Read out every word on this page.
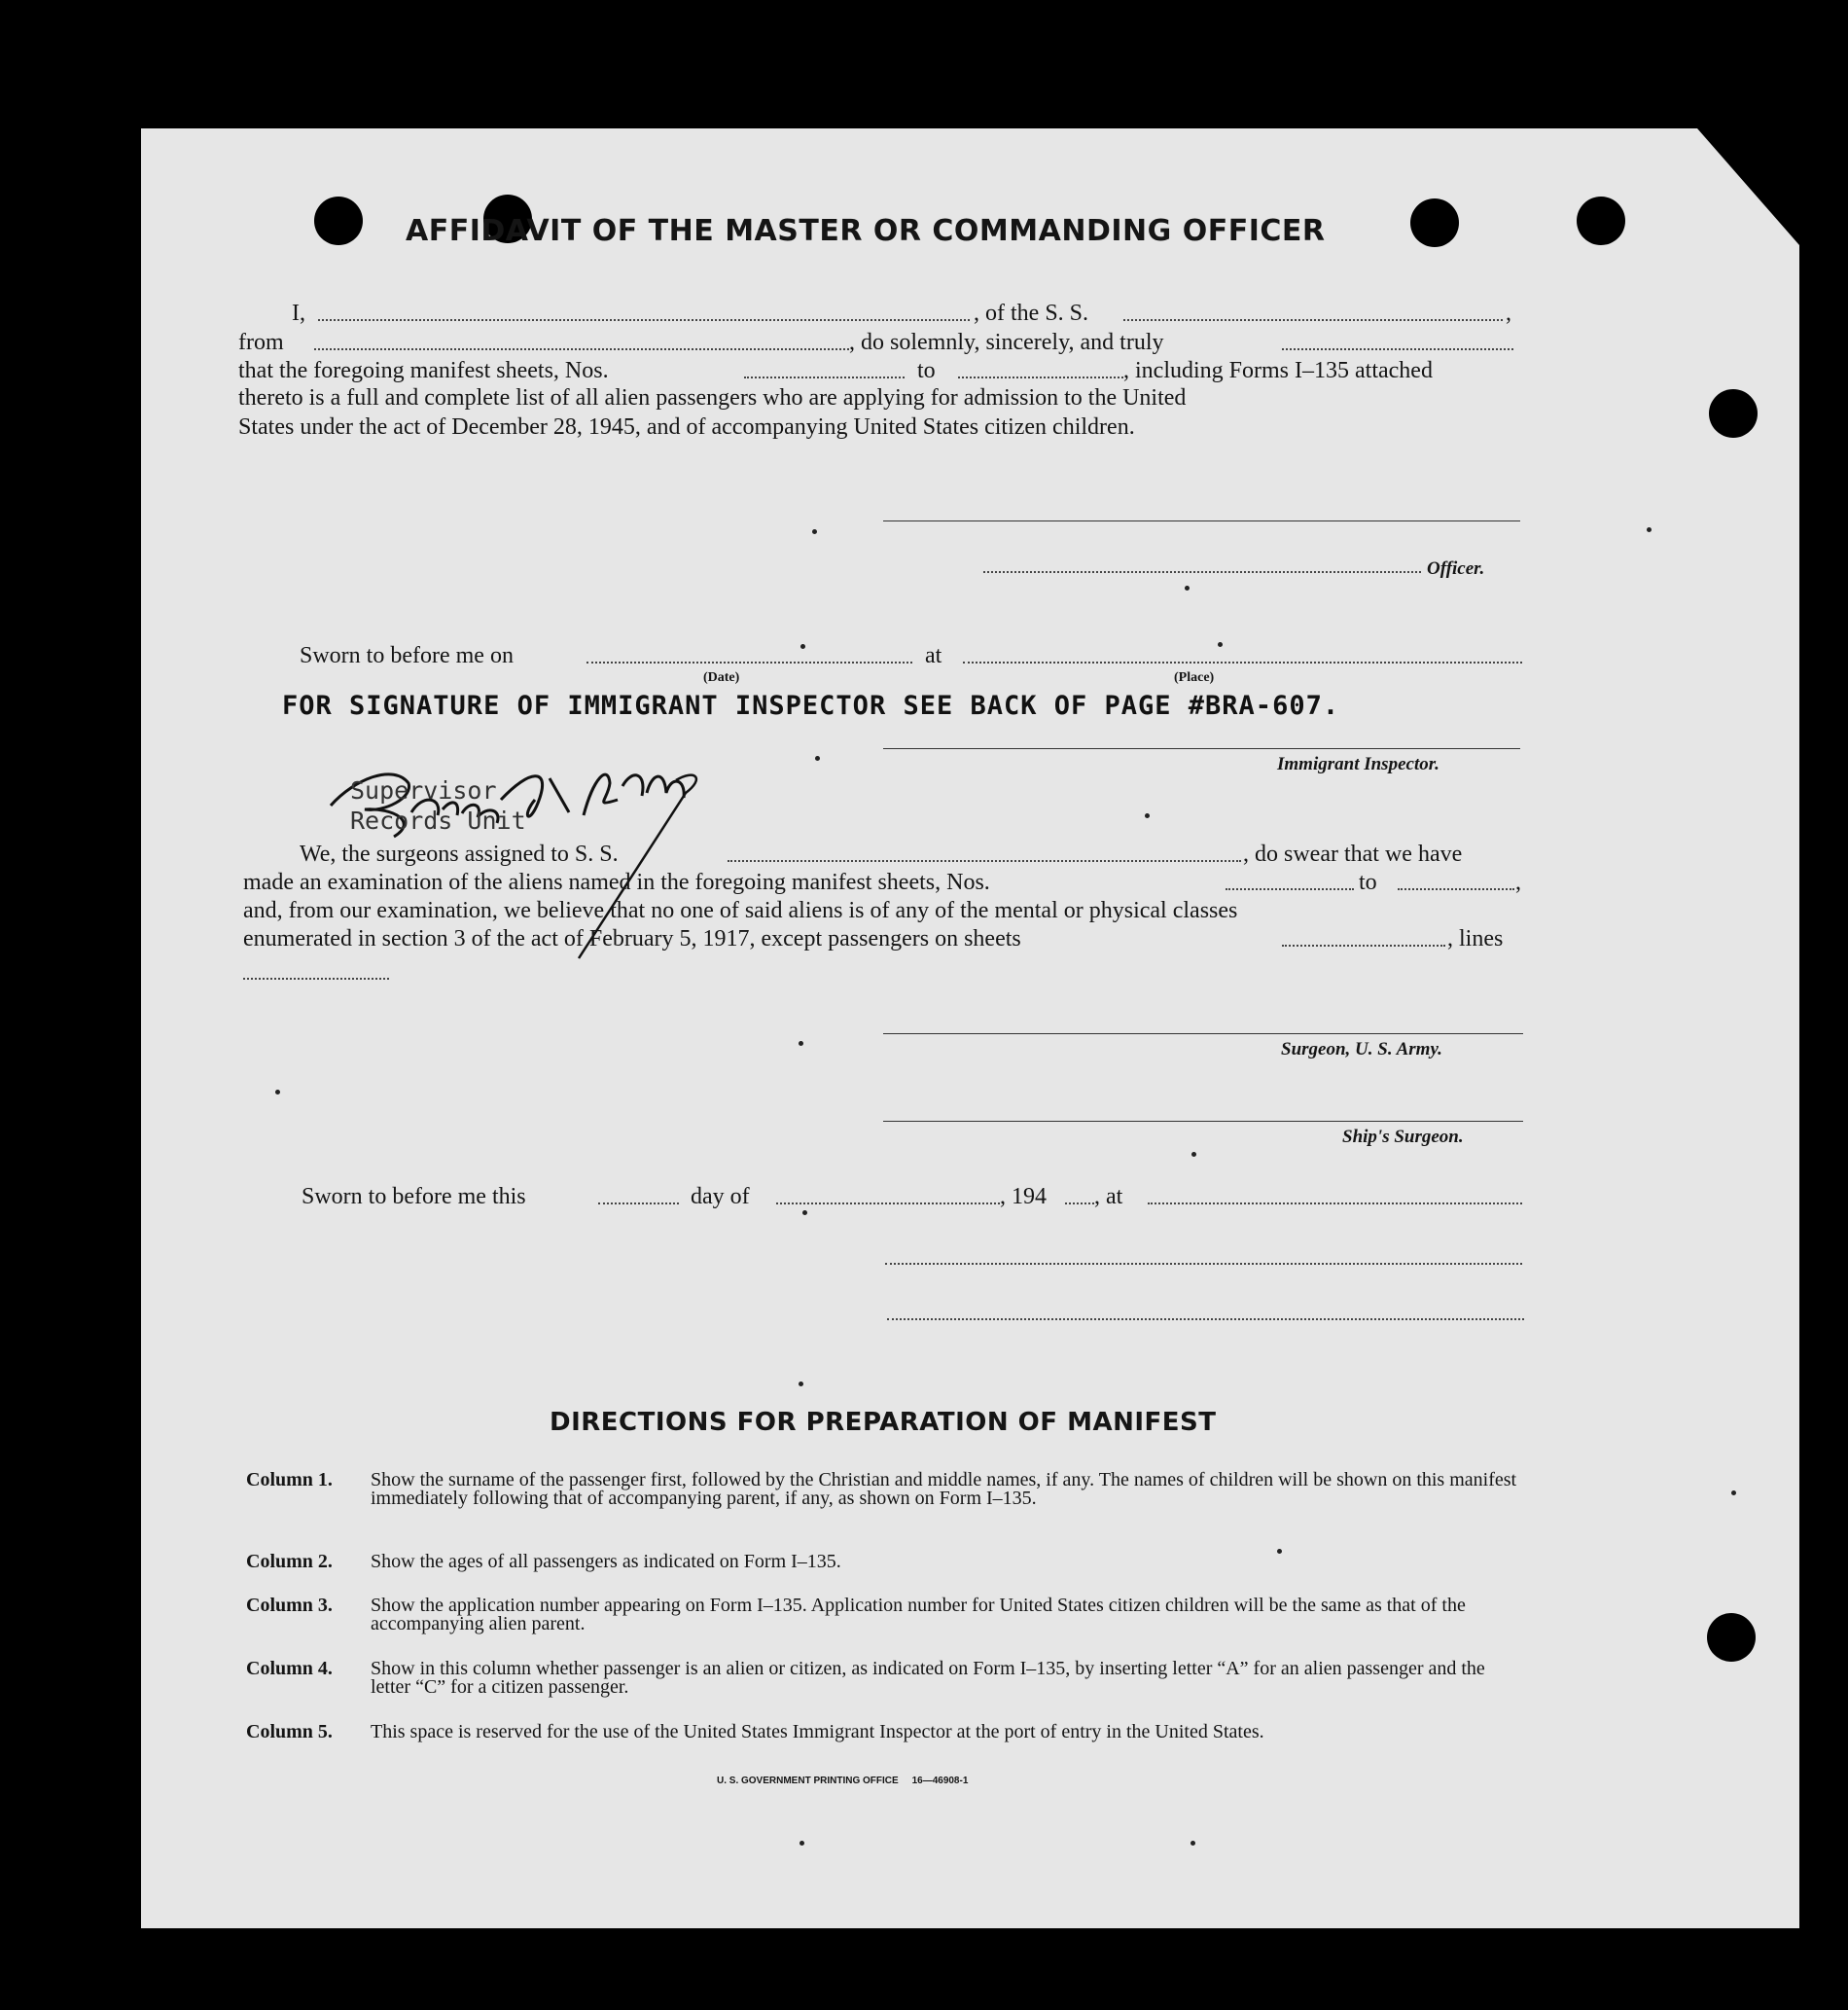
AFFIDAVIT OF THE MASTER OR COMMANDING OFFICER
I,	, of the S. S.	,
from	, do solemnly, sincerely, and truly
that the foregoing manifest sheets, Nos.	to	, including Forms I–135 attached
thereto is a full and complete list of all alien passengers who are applying for admission to the United
States under the act of December 28, 1945, and of accompanying United States citizen children.
Officer.
Sworn to before me on	at
(Date)	(Place)
FOR SIGNATURE OF IMMIGRANT INSPECTOR SEE BACK OF PAGE #BRA-607.
Immigrant Inspector.
Supervisor
Records Unit
We, the surgeons assigned to S. S.	, do swear that we have
made an examination of the aliens named in the foregoing manifest sheets, Nos.	to	,
and, from our examination, we believe that no one of said aliens is of any of the mental or physical classes
enumerated in section 3 of the act of February 5, 1917, except passengers on sheets	, lines
Surgeon, U. S. Army.
Ship's Surgeon.
Sworn to before me this	day of	, 194 , at
DIRECTIONS FOR PREPARATION OF MANIFEST
Column 1. Show the surname of the passenger first, followed by the Christian and middle names, if any. The names of children will be shown on this manifest immediately following that of accompanying parent, if any, as shown on Form I–135.
Column 2. Show the ages of all passengers as indicated on Form I–135.
Column 3. Show the application number appearing on Form I–135. Application number for United States citizen children will be the same as that of the accompanying alien parent.
Column 4. Show in this column whether passenger is an alien or citizen, as indicated on Form I–135, by inserting letter “A” for an alien passenger and the letter “C” for a citizen passenger.
Column 5. This space is reserved for the use of the United States Immigrant Inspector at the port of entry in the United States.
U. S. GOVERNMENT PRINTING OFFICE     16—46908-1
